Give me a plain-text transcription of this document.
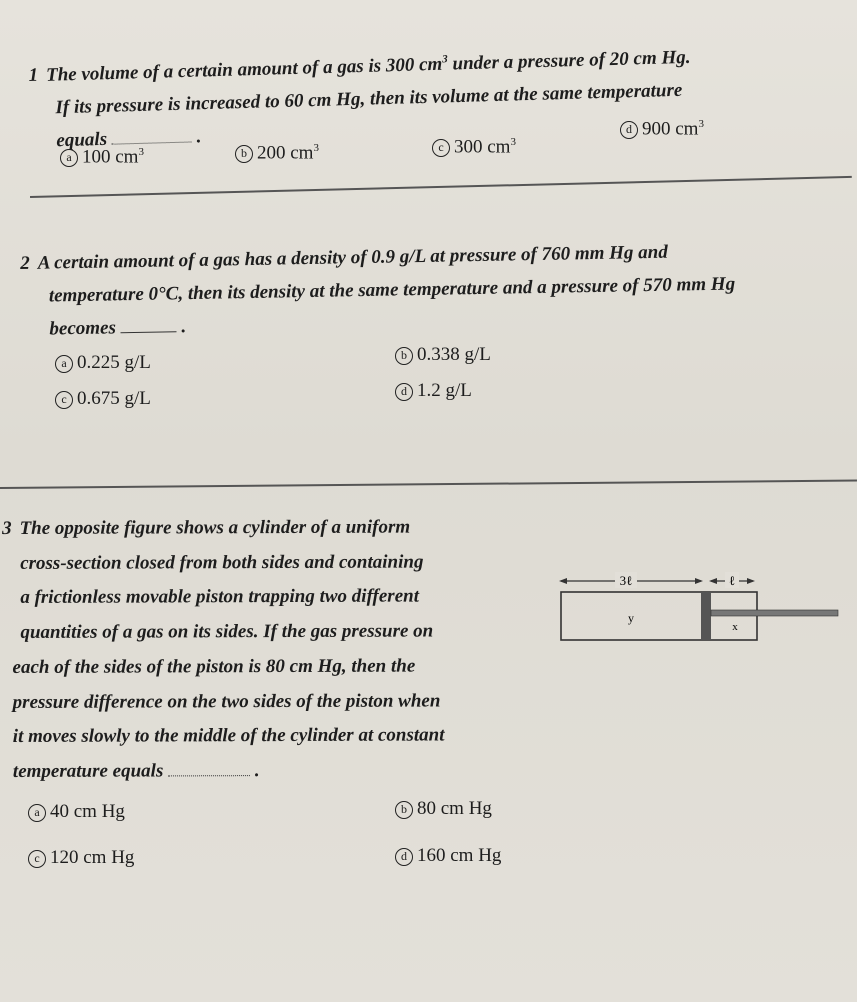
1 The volume of a certain amount of a gas is 300 $cm^3$ under a pressure of 20 cm Hg.
If its pressure is increased to 60 cm Hg, then its volume at the same temperature
equals	.
a 100 $cm^3$	b 200 $cm^3$	c 300 $cm^3$
d 900 $cm^3$
2 A certain amount of a gas has a density of 0.9 g/L at pressure of 760 mm Hg and
temperature 0°C, then its density at the same temperature and a pressure of 570 mm Hg
becomes	.
a 0.225 g/L	b 0.338 g/L
c 0.675 g/L	d 1.2 g/L
3 The opposite figure shows a cylinder of a uniform
cross-section closed from both sides and containing
a frictionless movable piston trapping two different
quantities of a gas on its sides. If the gas pressure on
each of the sides of the piston is 80 cm Hg, then the
pressure difference on the two sides of the piston when
it moves slowly to the middle of the cylinder at constant
temperature equals	.
3ℓ	ℓ
y
x
a 40 cm Hg	b 80 cm Hg
c 120 cm Hg	d 160 cm Hg
